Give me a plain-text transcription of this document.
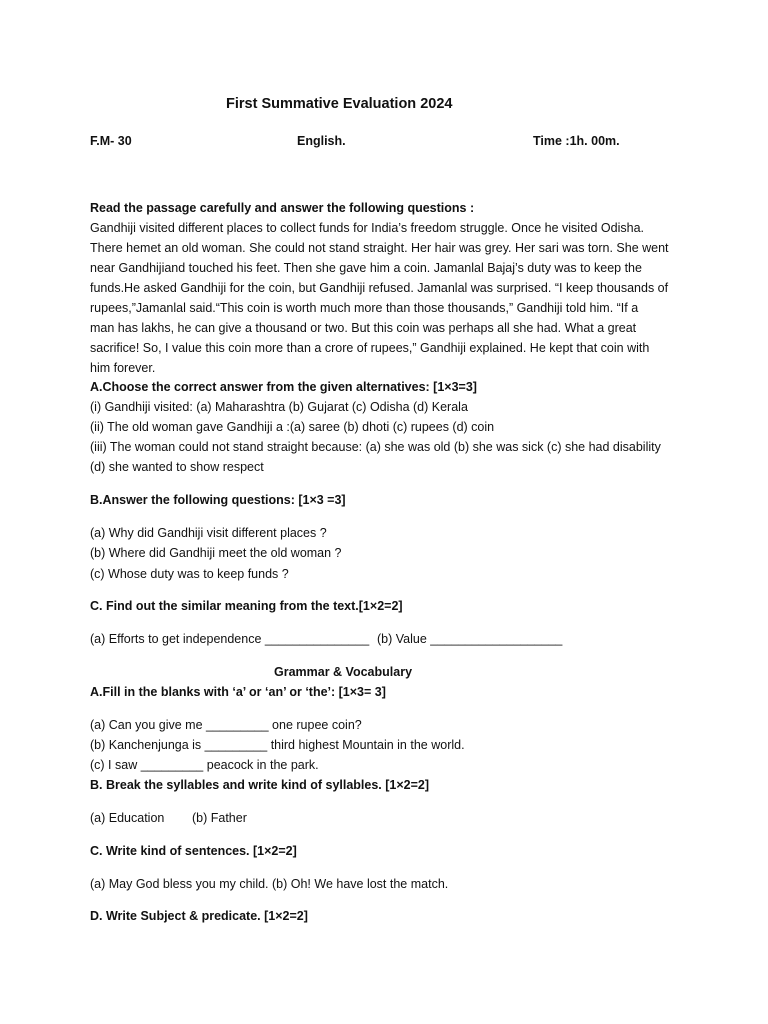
First Summative Evaluation 2024
F.M- 30	English.	Time :1h. 00m.
Read the passage carefully and answer the following questions :
Gandhiji visited different places to collect funds for India’s freedom struggle. Once he visited Odisha.
There hemet an old woman. She could not stand straight. Her hair was grey. Her sari was torn. She went
near Gandhijiand touched his feet. Then she gave him a coin. Jamanlal Bajaj’s duty was to keep the
funds.He asked Gandhiji for the coin, but Gandhiji refused. Jamanlal was surprised. “I keep thousands of
rupees,”Jamanlal said.“This coin is worth much more than those thousands,” Gandhiji told him. “If a
man has lakhs, he can give a thousand or two. But this coin was perhaps all she had. What a great
sacrifice! So, I value this coin more than a crore of rupees,” Gandhiji explained. He kept that coin with
him forever.
A.Choose the correct answer from the given alternatives: [1×3=3]
(i) Gandhiji visited: (a) Maharashtra (b) Gujarat (c) Odisha (d) Kerala
(ii) The old woman gave Gandhiji a :(a) saree (b) dhoti (c) rupees (d) coin
(iii) The woman could not stand straight because: (a) she was old (b) she was sick (c) she had disability
(d) she wanted to show respect
B.Answer the following questions: [1×3 =3]
(a) Why did Gandhiji visit different places ?
(b) Where did Gandhiji meet the old woman ?
(c) Whose duty was to keep funds ?
C. Find out the similar meaning from the text.[1×2=2]
(a) Efforts to get independence _______________ (b) Value ___________________
Grammar & Vocabulary
A.Fill in the blanks with ‘a’ or ‘an’ or ‘the’: [1×3= 3]
(a) Can you give me _________ one rupee coin?
(b) Kanchenjunga is _________ third highest Mountain in the world.
(c) I saw _________ peacock in the park.
B. Break the syllables and write kind of syllables. [1×2=2]
(a) Education (b) Father
C. Write kind of sentences. [1×2=2]
(a) May God bless you my child. (b) Oh! We have lost the match.
D. Write Subject & predicate. [1×2=2]
